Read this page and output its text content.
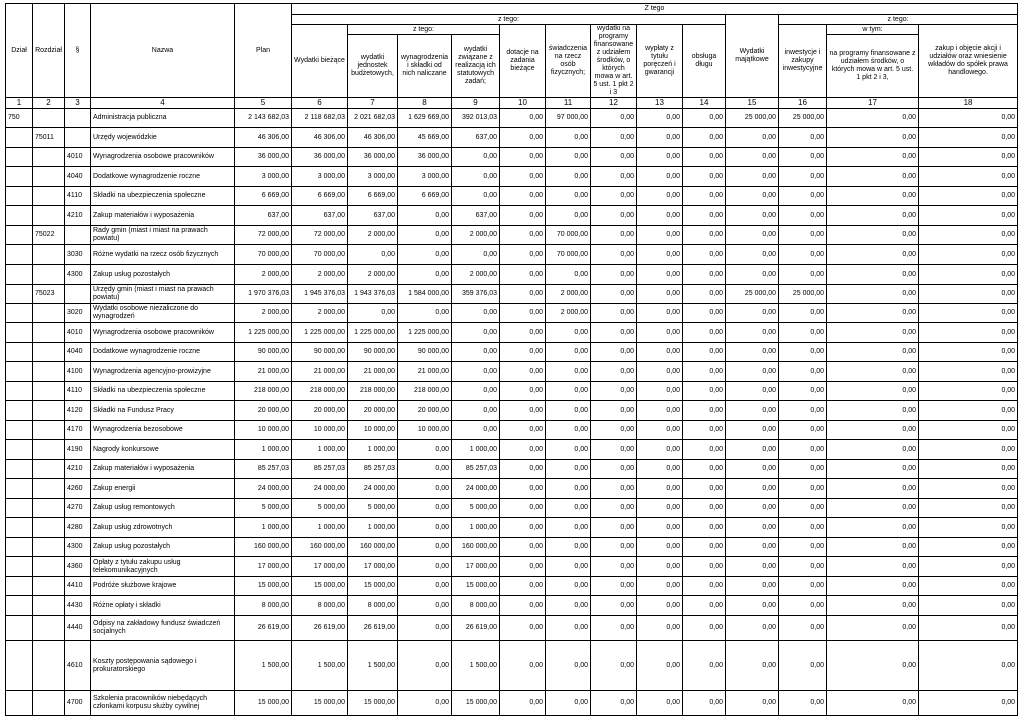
Dział	Rozdział	§	Nazwa	Plan	Z tego												
					z tego:									Wydatki majątkowe	z tego:		
					Wydatki bieżące	z tego:			dotacje na zadania bieżące	świadczenia na rzecz osób fizycznych;	wydatki na programy finansowane z udziałem środków, o których mowa w art. 5 ust. 1 pkt 2 i 3	wypłaty z tytułu poręczeń i gwarancji	obsługa długu		inwestycje i zakupy inwestycyjne	w tym:	zakup i objęcie akcji i udziałów oraz wniesienie wkładów do spółek prawa handlowego.
						wydatki jednostek budżetowych,	wynagrodzenia i składki od nich naliczane	wydatki związane z realizacją ich statutowych zadań;								na programy finansowane z udziałem środków, o których mowa w art. 5 ust. 1 pkt 2 i 3,	

1	2	3	4	5	6	7	8	9	10	11	12	13	14	15	16	17	18
750			Administracja publiczna	2 143 682,03	2 118 682,03	2 021 682,03	1 629 669,00	392 013,03	0,00	97 000,00	0,00	0,00	0,00	25 000,00	25 000,00	0,00	0,00
	75011		Urzędy wojewódzkie	46 306,00	46 306,00	46 306,00	45 669,00	637,00	0,00	0,00	0,00	0,00	0,00	0,00	0,00	0,00	0,00
		4010	Wynagrodzenia osobowe pracowników	36 000,00	36 000,00	36 000,00	36 000,00	0,00	0,00	0,00	0,00	0,00	0,00	0,00	0,00	0,00	0,00
		4040	Dodatkowe wynagrodzenie roczne	3 000,00	3 000,00	3 000,00	3 000,00	0,00	0,00	0,00	0,00	0,00	0,00	0,00	0,00	0,00	0,00
		4110	Składki na ubezpieczenia społeczne	6 669,00	6 669,00	6 669,00	6 669,00	0,00	0,00	0,00	0,00	0,00	0,00	0,00	0,00	0,00	0,00
		4210	Zakup materiałów i wyposażenia	637,00	637,00	637,00	0,00	637,00	0,00	0,00	0,00	0,00	0,00	0,00	0,00	0,00	0,00
	75022		Rady gmin (miast i miast na prawach powiatu)	72 000,00	72 000,00	2 000,00	0,00	2 000,00	0,00	70 000,00	0,00	0,00	0,00	0,00	0,00	0,00	0,00
		3030	Różne wydatki na rzecz osób fizycznych	70 000,00	70 000,00	0,00	0,00	0,00	0,00	70 000,00	0,00	0,00	0,00	0,00	0,00	0,00	0,00
		4300	Zakup usług pozostałych	2 000,00	2 000,00	2 000,00	0,00	2 000,00	0,00	0,00	0,00	0,00	0,00	0,00	0,00	0,00	0,00
	75023		Urzędy gmin (miast i miast na prawach powiatu)	1 970 376,03	1 945 376,03	1 943 376,03	1 584 000,00	359 376,03	0,00	2 000,00	0,00	0,00	0,00	25 000,00	25 000,00	0,00	0,00
		3020	Wydatki osobowe niezaliczone do wynagrodzeń	2 000,00	2 000,00	0,00	0,00	0,00	0,00	2 000,00	0,00	0,00	0,00	0,00	0,00	0,00	0,00
		4010	Wynagrodzenia osobowe pracowników	1 225 000,00	1 225 000,00	1 225 000,00	1 225 000,00	0,00	0,00	0,00	0,00	0,00	0,00	0,00	0,00	0,00	0,00
		4040	Dodatkowe wynagrodzenie roczne	90 000,00	90 000,00	90 000,00	90 000,00	0,00	0,00	0,00	0,00	0,00	0,00	0,00	0,00	0,00	0,00
		4100	Wynagrodzenia agencyjno-prowizyjne	21 000,00	21 000,00	21 000,00	21 000,00	0,00	0,00	0,00	0,00	0,00	0,00	0,00	0,00	0,00	0,00
		4110	Składki na ubezpieczenia społeczne	218 000,00	218 000,00	218 000,00	218 000,00	0,00	0,00	0,00	0,00	0,00	0,00	0,00	0,00	0,00	0,00
		4120	Składki na Fundusz Pracy	20 000,00	20 000,00	20 000,00	20 000,00	0,00	0,00	0,00	0,00	0,00	0,00	0,00	0,00	0,00	0,00
		4170	Wynagrodzenia bezosobowe	10 000,00	10 000,00	10 000,00	10 000,00	0,00	0,00	0,00	0,00	0,00	0,00	0,00	0,00	0,00	0,00
		4190	Nagrody konkursowe	1 000,00	1 000,00	1 000,00	0,00	1 000,00	0,00	0,00	0,00	0,00	0,00	0,00	0,00	0,00	0,00
		4210	Zakup materiałów i wyposażenia	85 257,03	85 257,03	85 257,03	0,00	85 257,03	0,00	0,00	0,00	0,00	0,00	0,00	0,00	0,00	0,00
		4260	Zakup energii	24 000,00	24 000,00	24 000,00	0,00	24 000,00	0,00	0,00	0,00	0,00	0,00	0,00	0,00	0,00	0,00
		4270	Zakup usług remontowych	5 000,00	5 000,00	5 000,00	0,00	5 000,00	0,00	0,00	0,00	0,00	0,00	0,00	0,00	0,00	0,00
		4280	Zakup usług zdrowotnych	1 000,00	1 000,00	1 000,00	0,00	1 000,00	0,00	0,00	0,00	0,00	0,00	0,00	0,00	0,00	0,00
		4300	Zakup usług pozostałych	160 000,00	160 000,00	160 000,00	0,00	160 000,00	0,00	0,00	0,00	0,00	0,00	0,00	0,00	0,00	0,00
		4360	Opłaty z tytułu zakupu usług telekomunikacyjnych	17 000,00	17 000,00	17 000,00	0,00	17 000,00	0,00	0,00	0,00	0,00	0,00	0,00	0,00	0,00	0,00
		4410	Podróże służbowe krajowe	15 000,00	15 000,00	15 000,00	0,00	15 000,00	0,00	0,00	0,00	0,00	0,00	0,00	0,00	0,00	0,00
		4430	Różne opłaty i składki	8 000,00	8 000,00	8 000,00	0,00	8 000,00	0,00	0,00	0,00	0,00	0,00	0,00	0,00	0,00	0,00
		4440	Odpisy na zakładowy fundusz świadczeń socjalnych	26 619,00	26 619,00	26 619,00	0,00	26 619,00	0,00	0,00	0,00	0,00	0,00	0,00	0,00	0,00	0,00
		4610	Koszty postępowania sądowego i prokuratorskiego	1 500,00	1 500,00	1 500,00	0,00	1 500,00	0,00	0,00	0,00	0,00	0,00	0,00	0,00	0,00	0,00
		4700	Szkolenia pracowników niebędących członkami korpusu służby cywilnej	15 000,00	15 000,00	15 000,00	0,00	15 000,00	0,00	0,00	0,00	0,00	0,00	0,00	0,00	0,00	0,00
